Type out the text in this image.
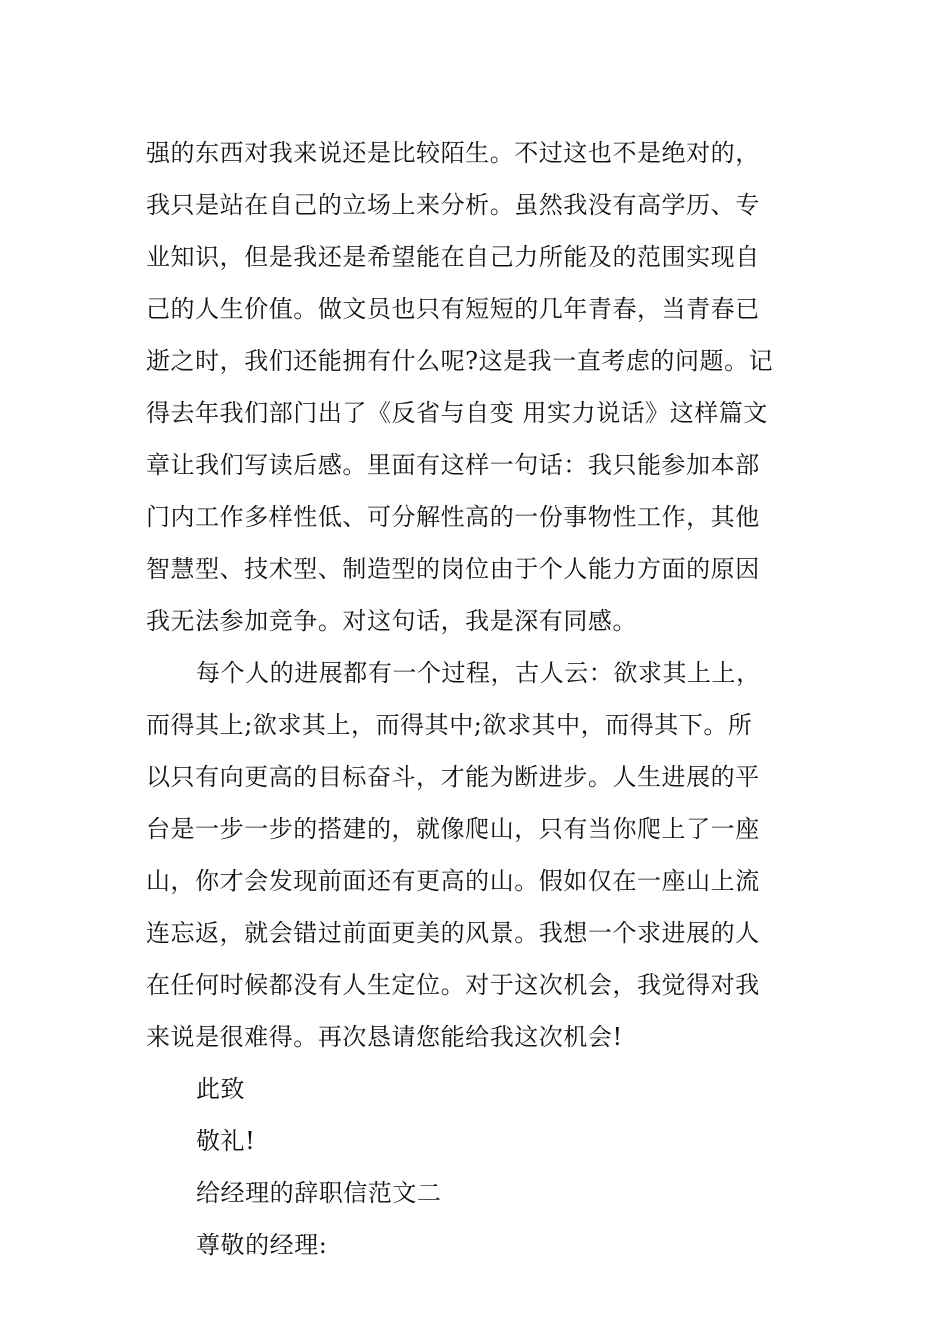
强的东西对我来说还是比较陌生。不过这也不是绝对的，
我只是站在自己的立场上来分析。虽然我没有高学历、专
业知识，但是我还是希望能在自己力所能及的范围实现自
己的人生价值。做文员也只有短短的几年青春，当青春已
逝之时，我们还能拥有什么呢?这是我一直考虑的问题。记
得去年我们部门出了《反省与自变 用实力说话》这样篇文
章让我们写读后感。里面有这样一句话：我只能参加本部
门内工作多样性低、可分解性高的一份事物性工作，其他
智慧型、技术型、制造型的岗位由于个人能力方面的原因
我无法参加竞争。对这句话，我是深有同感。
每个人的进展都有一个过程，古人云：欲求其上上，
而得其上;欲求其上，而得其中;欲求其中，而得其下。所
以只有向更高的目标奋斗，才能为断进步。人生进展的平
台是一步一步的搭建的，就像爬山，只有当你爬上了一座
山，你才会发现前面还有更高的山。假如仅在一座山上流
连忘返，就会错过前面更美的风景。我想一个求进展的人
在任何时候都没有人生定位。对于这次机会，我觉得对我
来说是很难得。再次恳请您能给我这次机会!
此致
敬礼!
给经理的辞职信范文二
尊敬的经理:
